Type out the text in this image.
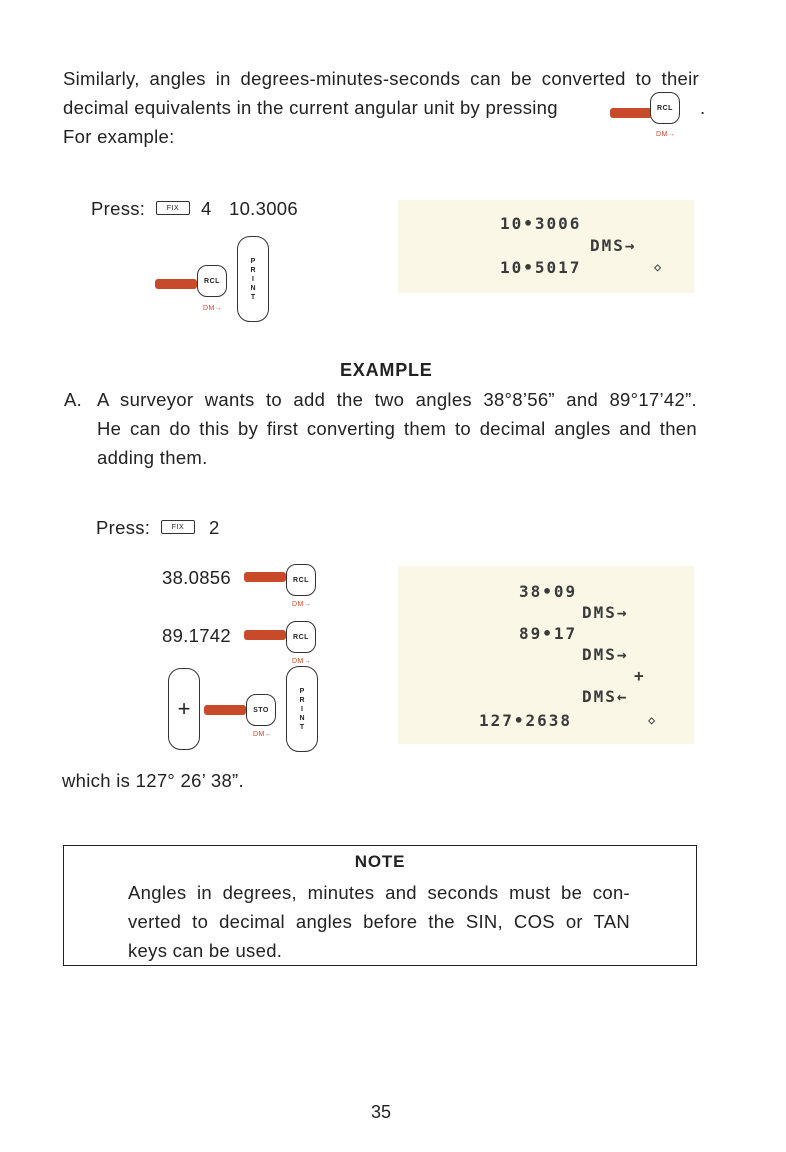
Similarly, angles in degrees-minutes-seconds can be converted to their
decimal equivalents in the current angular unit by pressing	RCL
DM→
.
For example:
Press:	FIX	4 10.3006
RCL
DM→
P
R
I
N
T
10•3006
DMS→
10•5017	◇
EXAMPLE
A. A surveyor wants to add the two angles 38°8’56” and 89°17’42”.
He can do this by first converting them to decimal angles and then
adding them.
Press:	FIX	2
38.0856	RCL
DM→
89.1742	RCL
DM→
+	STO
DM←
P
R
I
N
T
38•09
DMS→
89•17
DMS→
+
DMS←
127•2638	◇
which is 127° 26’ 38”.
NOTE
Angles in degrees, minutes and seconds must be con-
verted to decimal angles before the SIN, COS or TAN
keys can be used.
35
